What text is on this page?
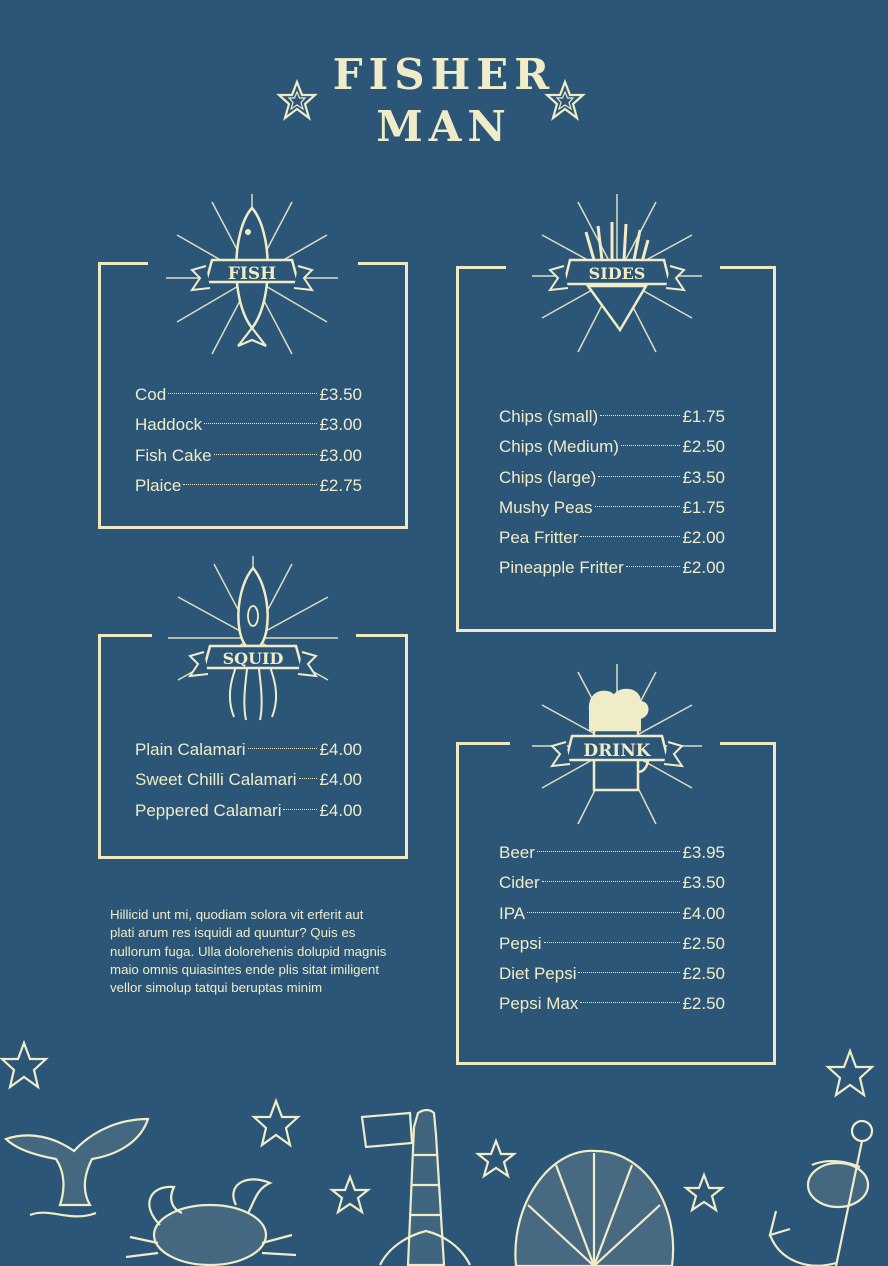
FISHER
MAN
FISH
Cod	£3.50
Haddock	£3.00
Fish Cake	£3.00
Plaice	£2.75
SQUID
Plain Calamari	£4.00
Sweet Chilli Calamari £4.00
Peppered Calamari £4.00
SIDES
Chips (small)	£1.75
Chips (Medium)	£2.50
Chips (large)	£3.50
Mushy Peas	£1.75
Pea Fritter	£2.00
Pineapple Fritter	£2.00
DRINK
Beer	£3.95
Cider	£3.50
IPA	£4.00
Pepsi	£2.50
Diet Pepsi	£2.50
Pepsi Max	£2.50
Hillicid unt mi, quodiam solora vit erferit aut plati arum res isquidi ad quuntur? Quis es nullorum fuga. Ulla dolorehenis dolupid magnis maio omnis quiasintes ende plis sitat imiligent vellor simolup tatqui beruptas minim
